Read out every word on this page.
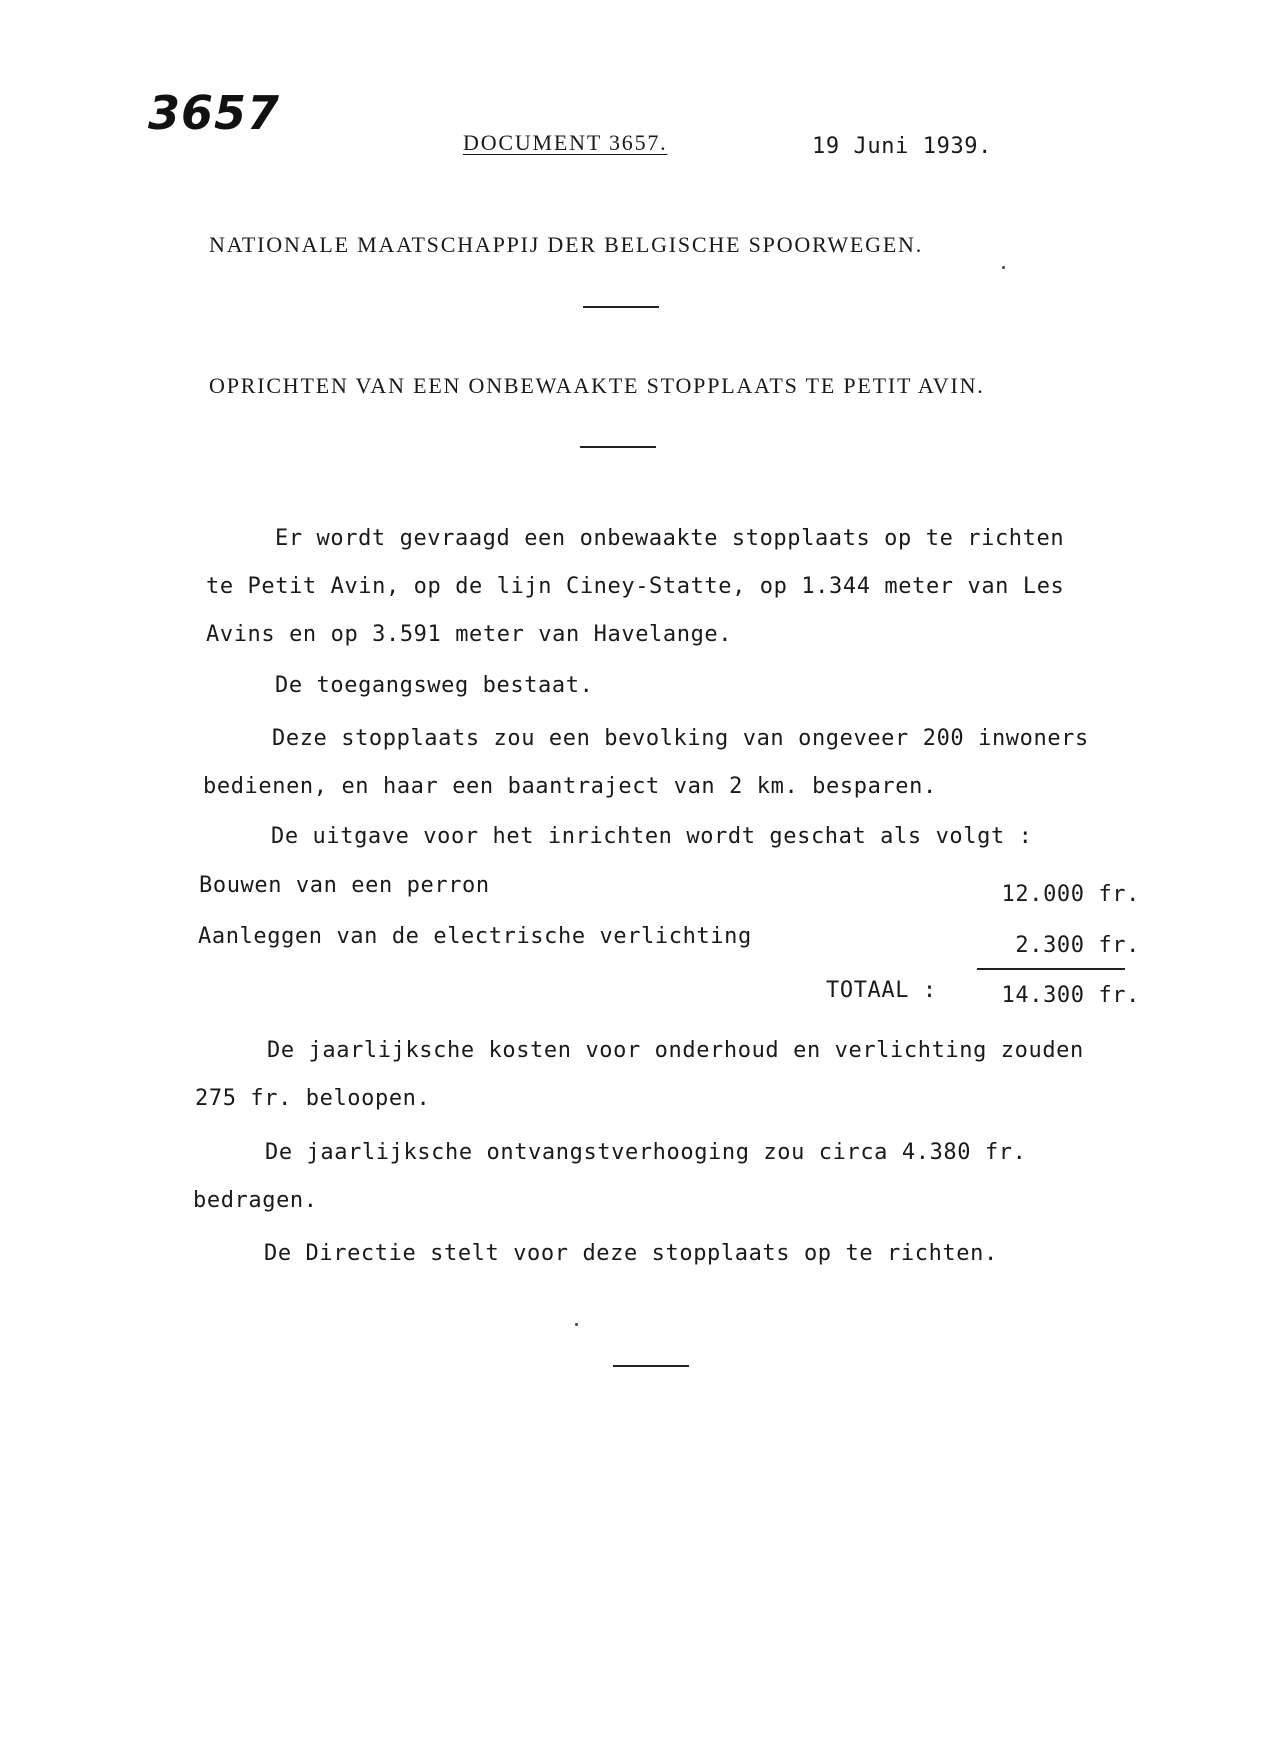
3657
DOCUMENT 3657.	19 Juni 1939.
NATIONALE MAATSCHAPPIJ DER BELGISCHE SPOORWEGEN.
OPRICHTEN VAN EEN ONBEWAAKTE STOPPLAATS TE PETIT AVIN.
Er wordt gevraagd een onbewaakte stopplaats op te richten
te Petit Avin, op de lijn Ciney-Statte, op 1.344 meter van Les
Avins en op 3.591 meter van Havelange.
De toegangsweg bestaat.
Deze stopplaats zou een bevolking van ongeveer 200 inwoners
bedienen, en haar een baantraject van 2 km. besparen.
De uitgave voor het inrichten wordt geschat als volgt :
Bouwen van een perron	12.000 fr.
Aanleggen van de electrische verlichting	2.300 fr.
TOTAAL :	14.300 fr.
De jaarlijksche kosten voor onderhoud en verlichting zouden
275 fr. beloopen.
De jaarlijksche ontvangstverhooging zou circa 4.380 fr.
bedragen.
De Directie stelt voor deze stopplaats op te richten.
